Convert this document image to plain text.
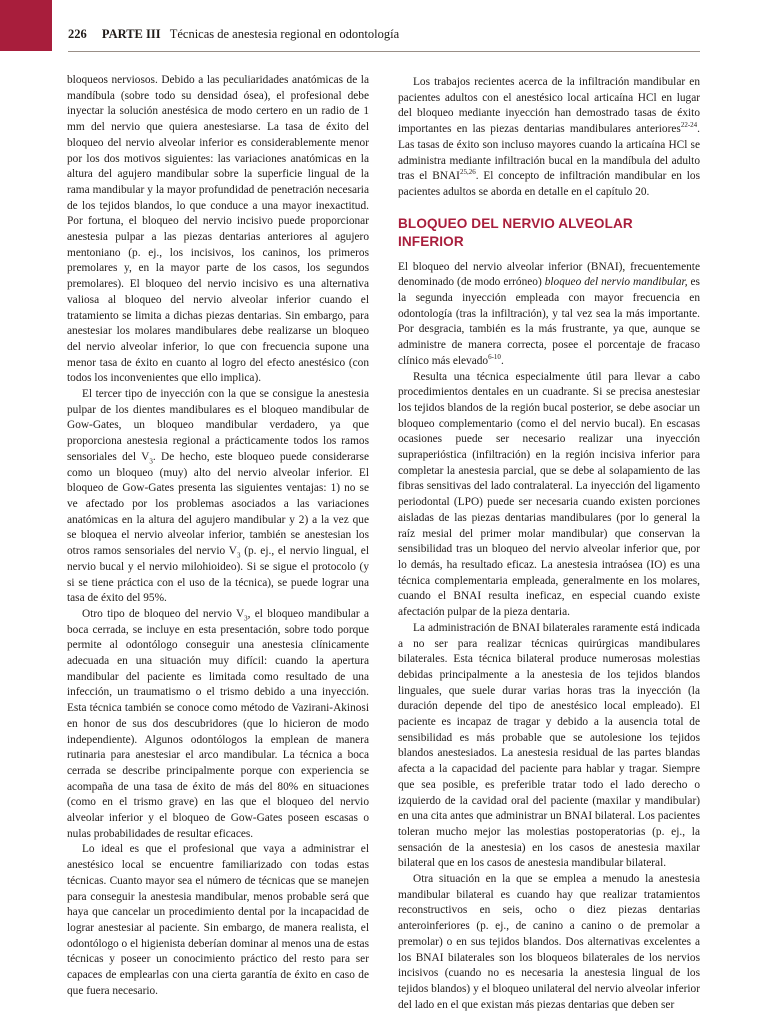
226 PARTE III Técnicas de anestesia regional en odontología

bloqueos nerviosos. Debido a las peculiaridades anatómicas de la mandíbula (sobre todo su densidad ósea), el profesional debe inyectar la solución anestésica de modo certero en un radio de 1 mm del nervio que quiera anestesiarse. La tasa de éxito del bloqueo del nervio alveolar inferior es considerablemente menor por los dos motivos siguientes: las variaciones anatómicas en la altura del agujero mandibular sobre la superficie lingual de la rama mandibular y la mayor profundidad de penetración necesaria de los tejidos blandos, lo que conduce a una mayor inexactitud. Por fortuna, el bloqueo del nervio incisivo puede proporcionar anestesia pulpar a las piezas dentarias anteriores al agujero mentoniano (p. ej., los incisivos, los caninos, los primeros premolares y, en la mayor parte de los casos, los segundos premolares). El bloqueo del nervio incisivo es una alternativa valiosa al bloqueo del nervio alveolar inferior cuando el tratamiento se limita a dichas piezas dentarias. Sin embargo, para anestesiar los molares mandibulares debe realizarse un bloqueo del nervio alveolar inferior, lo que con frecuencia supone una menor tasa de éxito en cuanto al logro del efecto anestésico (con todos los inconvenientes que ello implica).

El tercer tipo de inyección con la que se consigue la anestesia pulpar de los dientes mandibulares es el bloqueo mandibular de Gow-Gates, un bloqueo mandibular verdadero, ya que proporciona anestesia regional a prácticamente todos los ramos sensoriales del $V_3$. De hecho, este bloqueo puede considerarse como un bloqueo (muy) alto del nervio alveolar inferior. El bloqueo de Gow-Gates presenta las siguientes ventajas: 1) no se ve afectado por los problemas asociados a las variaciones anatómicas en la altura del agujero mandibular y 2) a la vez que se bloquea el nervio alveolar inferior, también se anestesian los otros ramos sensoriales del nervio $V_3$ (p. ej., el nervio lingual, el nervio bucal y el nervio milohioideo). Si se sigue el protocolo (y si se tiene práctica con el uso de la técnica), se puede lograr una tasa de éxito del 95%.

Otro tipo de bloqueo del nervio $V_3$, el bloqueo mandibular a boca cerrada, se incluye en esta presentación, sobre todo porque permite al odontólogo conseguir una anestesia clínicamente adecuada en una situación muy difícil: cuando la apertura mandibular del paciente es limitada como resultado de una infección, un traumatismo o el trismo debido a una inyección. Esta técnica también se conoce como método de Vazirani-Akinosi en honor de sus dos descubridores (que lo hicieron de modo independiente). Algunos odontólogos la emplean de manera rutinaria para anestesiar el arco mandibular. La técnica a boca cerrada se describe principalmente porque con experiencia se acompaña de una tasa de éxito de más del 80% en situaciones (como en el trismo grave) en las que el bloqueo del nervio alveolar inferior y el bloqueo de Gow-Gates poseen escasas o nulas probabilidades de resultar eficaces.

Lo ideal es que el profesional que vaya a administrar el anestésico local se encuentre familiarizado con todas estas técnicas. Cuanto mayor sea el número de técnicas que se manejen para conseguir la anestesia mandibular, menos probable será que haya que cancelar un procedimiento dental por la incapacidad de lograr anestesiar al paciente. Sin embargo, de manera realista, el odontólogo o el higienista deberían dominar al menos una de estas técnicas y poseer un conocimiento práctico del resto para ser capaces de emplearlas con una cierta garantía de éxito en caso de que fuera necesario.

Los trabajos recientes acerca de la infiltración mandibular en pacientes adultos con el anestésico local articaína HCl en lugar del bloqueo mediante inyección han demostrado tasas de éxito importantes en las piezas dentarias mandibulares anteriores$^{22-24}$. Las tasas de éxito son incluso mayores cuando la articaína HCl se administra mediante infiltración bucal en la mandíbula del adulto tras el BNAI$^{25,26}$. El concepto de infiltración mandibular en los pacientes adultos se aborda en detalle en el capítulo 20.

BLOQUEO DEL NERVIO ALVEOLAR INFERIOR

El bloqueo del nervio alveolar inferior (BNAI), frecuentemente denominado (de modo erróneo) bloqueo del nervio mandibular, es la segunda inyección empleada con mayor frecuencia en odontología (tras la infiltración), y tal vez sea la más importante. Por desgracia, también es la más frustrante, ya que, aunque se administre de manera correcta, posee el porcentaje de fracaso clínico más elevado$^{6-10}$.

Resulta una técnica especialmente útil para llevar a cabo procedimientos dentales en un cuadrante. Si se precisa anestesiar los tejidos blandos de la región bucal posterior, se debe asociar un bloqueo complementario (como el del nervio bucal). En escasas ocasiones puede ser necesario realizar una inyección supraperióstica (infiltración) en la región incisiva inferior para completar la anestesia parcial, que se debe al solapamiento de las fibras sensitivas del lado contralateral. La inyección del ligamento periodontal (LPO) puede ser necesaria cuando existen porciones aisladas de las piezas dentarias mandibulares (por lo general la raíz mesial del primer molar mandibular) que conservan la sensibilidad tras un bloqueo del nervio alveolar inferior que, por lo demás, ha resultado eficaz. La anestesia intraósea (IO) es una técnica complementaria empleada, generalmente en los molares, cuando el BNAI resulta ineficaz, en especial cuando existe afectación pulpar de la pieza dentaria.

La administración de BNAI bilaterales raramente está indicada a no ser para realizar técnicas quirúrgicas mandibulares bilaterales. Esta técnica bilateral produce numerosas molestias debidas principalmente a la anestesia de los tejidos blandos linguales, que suele durar varias horas tras la inyección (la duración depende del tipo de anestésico local empleado). El paciente es incapaz de tragar y debido a la ausencia total de sensibilidad es más probable que se autolesione los tejidos blandos anestesiados. La anestesia residual de las partes blandas afecta a la capacidad del paciente para hablar y tragar. Siempre que sea posible, es preferible tratar todo el lado derecho o izquierdo de la cavidad oral del paciente (maxilar y mandibular) en una cita antes que administrar un BNAI bilateral. Los pacientes toleran mucho mejor las molestias postoperatorias (p. ej., la sensación de la anestesia) en los casos de anestesia maxilar bilateral que en los casos de anestesia mandibular bilateral.

Otra situación en la que se emplea a menudo la anestesia mandibular bilateral es cuando hay que realizar tratamientos reconstructivos en seis, ocho o diez piezas dentarias anteroinferiores (p. ej., de canino a canino o de premolar a premolar) o en sus tejidos blandos. Dos alternativas excelentes a los BNAI bilaterales son los bloqueos bilaterales de los nervios incisivos (cuando no es necesaria la anestesia lingual de los tejidos blandos) y el bloqueo unilateral del nervio alveolar inferior del lado en el que existan más piezas dentarias que deben ser
